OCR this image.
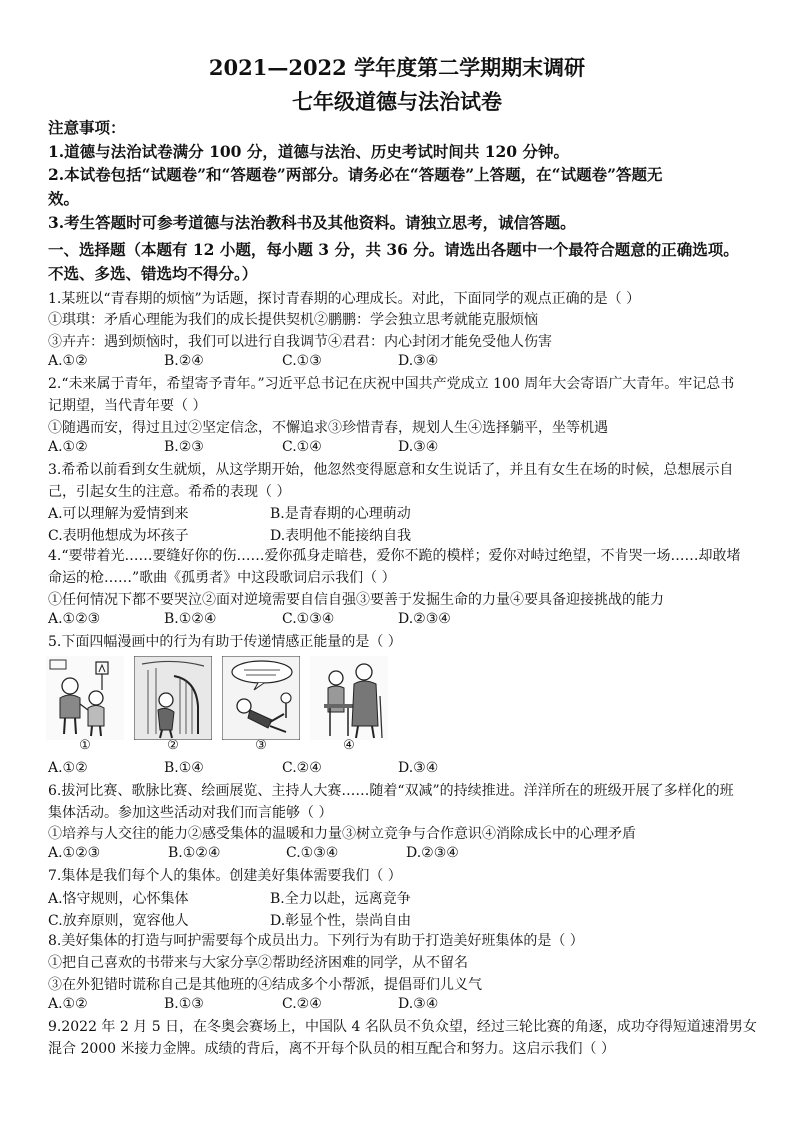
2021—2022 学年度第二学期期末调研
七年级道德与法治试卷
注意事项：
1.道德与法治试卷满分 100 分，道德与法治、历史考试时间共 120 分钟。
2.本试卷包括“试题卷”和“答题卷”两部分。请务必在“答题卷”上答题，在“试题卷”答题无
效。
3.考生答题时可参考道德与法治教科书及其他资料。请独立思考，诚信答题。
一、选择题（本题有 12 小题，每小题 3 分，共 36 分。请选出各题中一个最符合题意的正确选项。
不选、多选、错选均不得分。）
1.某班以“青春期的烦恼”为话题，探讨青春期的心理成长。对此，下面同学的观点正确的是（ ）
①琪琪：矛盾心理能为我们的成长提供契机②鹏鹏：学会独立思考就能克服烦恼
③卉卉：遇到烦恼时，我们可以进行自我调节④君君：内心封闭才能免受他人伤害
A.①②	B.②④	C.①③	D.③④
2.“未来属于青年，希望寄予青年。”习近平总书记在庆祝中国共产党成立 100 周年大会寄语广大青年。牢记总书
记期望，当代青年要（ ）
①随遇而安，得过且过②坚定信念，不懈追求③珍惜青春，规划人生④选择躺平，坐等机遇
A.①②	B.②③	C.①④	D.③④
3.希希以前看到女生就烦，从这学期开始，他忽然变得愿意和女生说话了，并且有女生在场的时候，总想展示自
己，引起女生的注意。希希的表现（ ）
A.可以理解为爱情到来	B.是青春期的心理萌动
C.表明他想成为坏孩子	D.表明他不能接纳自我
4.“要带着光……要缝好你的伤……爱你孤身走暗巷，爱你不跪的模样；爱你对峙过绝望，不肯哭一场……却敢堵
命运的枪……”歌曲《孤勇者》中这段歌词启示我们（ ）
①任何情况下都不要哭泣②面对逆境需要自信自强③要善于发掘生命的力量④要具备迎接挑战的能力
A.①②③	B.①②④	C.①③④	D.②③④
5.下面四幅漫画中的行为有助于传递情感正能量的是（ ）
①	②	③	④
A.①②	B.①④	C.②④	D.③④
6.拔河比赛、歌脉比赛、绘画展览、主持人大赛……随着“双减”的持续推进。洋洋所在的班级开展了多样化的班
集体活动。参加这些活动对我们而言能够（ ）
①培养与人交往的能力②感受集体的温暖和力量③树立竞争与合作意识④消除成长中的心理矛盾
A.①②③	B.①②④	C.①③④	D.②③④
7.集体是我们每个人的集体。创建美好集体需要我们（ ）
A.恪守规则，心怀集体	B.全力以赴，远离竞争
C.放弃原则，宽容他人	D.彰显个性，崇尚自由
8.美好集体的打造与呵护需要每个成员出力。下列行为有助于打造美好班集体的是（ ）
①把自己喜欢的书带来与大家分享②帮助经济困难的同学，从不留名
③在外犯错时谎称自己是其他班的④结成多个小帮派，提倡哥们儿义气
A.①②	B.①③	C.②④	D.③④
9.2022 年 2 月 5 日，在冬奥会赛场上，中国队 4 名队员不负众望，经过三轮比赛的角逐，成功夺得短道速滑男女
混合 2000 米接力金牌。成绩的背后，离不开每个队员的相互配合和努力。这启示我们（ ）
